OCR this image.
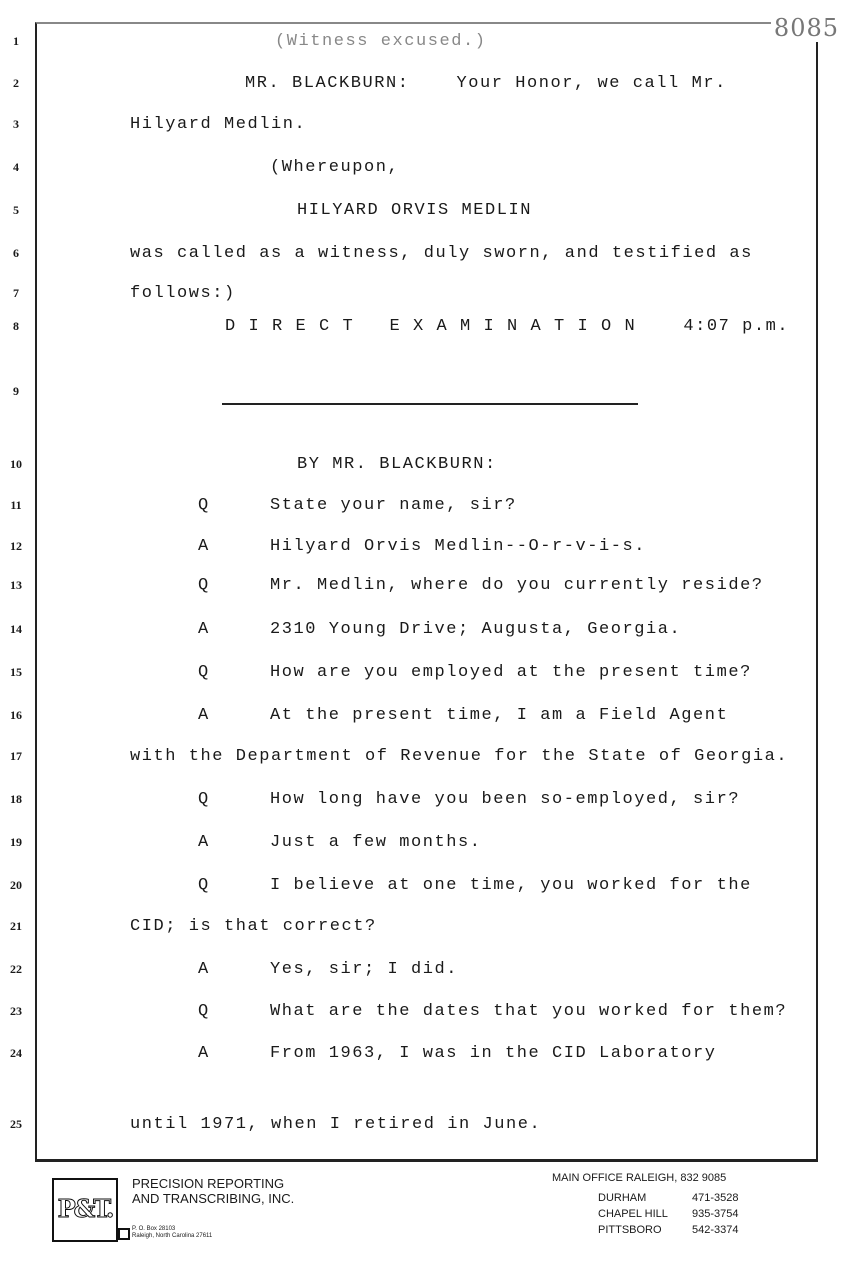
8085
1	(Witness excused.)
2	MR. BLACKBURN:    Your Honor, we call Mr.
3	Hilyard Medlin.
4	(Whereupon,
5	HILYARD ORVIS MEDLIN
6	was called as a witness, duly sworn, and testified as
7	follows:)
8	D I R E C T   E X A M I N A T I O N    4:07 p.m.
9
10	BY MR. BLACKBURN:
11	Q	State your name, sir?
12	A	Hilyard Orvis Medlin--O-r-v-i-s.
13	Q	Mr. Medlin, where do you currently reside?
14	A	2310 Young Drive; Augusta, Georgia.
15	Q	How are you employed at the present time?
16	A	At the present time, I am a Field Agent
17	with the Department of Revenue for the State of Georgia.
18	Q	How long have you been so-employed, sir?
19	A	Just a few months.
20	Q	I believe at one time, you worked for the
21	CID; is that correct?
22	A	Yes, sir; I did.
23	Q	What are the dates that you worked for them?
24	A	From 1963, I was in the CID Laboratory
25	until 1971, when I retired in June.
P&T.
PRECISION REPORTING
AND TRANSCRIBING, INC.
P. O. Box 28103
Raleigh, North Carolina 27611
MAIN OFFICE RALEIGH, 832 9085
DURHAM	471-3528
CHAPEL HILL 935-3754
PITTSBORO	542-3374
